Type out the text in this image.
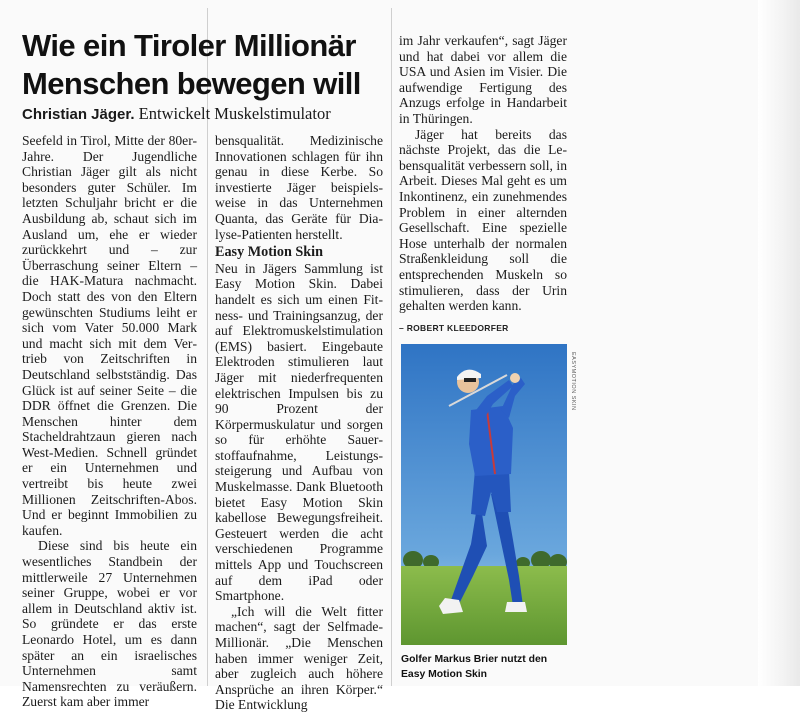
Wie ein Tiroler Millionär Menschen bewegen will

Christian Jäger. Entwickelt Muskelstimulator

Seefeld in Tirol, Mitte der 80er-Jahre. Der Jugendliche Christian Jäger gilt als nicht besonders guter Schüler. Im letzten Schuljahr bricht er die Ausbildung ab, schaut sich im Ausland um, ehe er wieder zurückkehrt und – zur Überraschung seiner Eltern – die HAK-Matura nachmacht. Doch statt des von den Eltern gewünschten Studiums leiht er sich vom Vater 50.000 Mark und macht sich mit dem Vertrieb von Zeitschriften in Deutschland selbstständig. Das Glück ist auf seiner Seite – die DDR öffnet die Grenzen. Die Menschen hinter dem Stacheldrahtzaun gieren nach West-Medien. Schnell gründet er ein Unternehmen und vertreibt bis heute zwei Millionen Zeitschriften-Abos. Und er beginnt Immobilien zu kaufen.

Diese sind bis heute ein wesentliches Standbein der mittlerweile 27 Unternehmen seiner Gruppe, wobei er vor allem in Deutschland aktiv ist. So gründete er das erste Leonardo Hotel, um es dann später an ein israelisches Unternehmen samt Namensrechten zu veräußern. Zuerst kam aber immer

bensqualität. Medizinische Innovationen schlagen für ihn genau in diese Kerbe. So investierte Jäger beispielsweise in das Unternehmen Quanta, das Geräte für Dialyse-Patienten herstellt.

Easy Motion Skin

Neu in Jägers Sammlung ist Easy Motion Skin. Dabei handelt es sich um einen Fitness- und Trainingsanzug, der auf Elektromuskelstimulation (EMS) basiert. Eingebaute Elektroden stimulieren laut Jäger mit niederfrequenten elektrischen Impulsen bis zu 90 Prozent der Körpermuskulatur und sorgen so für erhöhte Sauerstoffaufnahme, Leistungssteigerung und Aufbau von Muskelmasse. Dank Bluetooth bietet Easy Motion Skin kabellose Bewegungsfreiheit. Gesteuert werden die acht verschiedenen Programme mittels App und Touchscreen auf dem iPad oder Smartphone.

„Ich will die Welt fitter machen“, sagt der Selfmade-Millionär. „Die Menschen haben immer weniger Zeit, aber zugleich auch höhere Ansprüche an ihren Körper.“ Die Entwicklung

im Jahr verkaufen“, sagt Jäger und hat dabei vor allem die USA und Asien im Visier. Die aufwendige Fertigung des Anzugs erfolge in Handarbeit in Thüringen.

Jäger hat bereits das nächste Projekt, das die Lebensqualität verbessern soll, in Arbeit. Dieses Mal geht es um Inkontinenz, ein zunehmendes Problem in einer alternden Gesellschaft. Eine spezielle Hose unterhalb der normalen Straßenkleidung soll die entsprechenden Muskeln so stimulieren, dass der Urin gehalten werden kann.

– ROBERT KLEEDORFER
EASYMOTION SKIN
Golfer Markus Brier nutzt den Easy Motion Skin
